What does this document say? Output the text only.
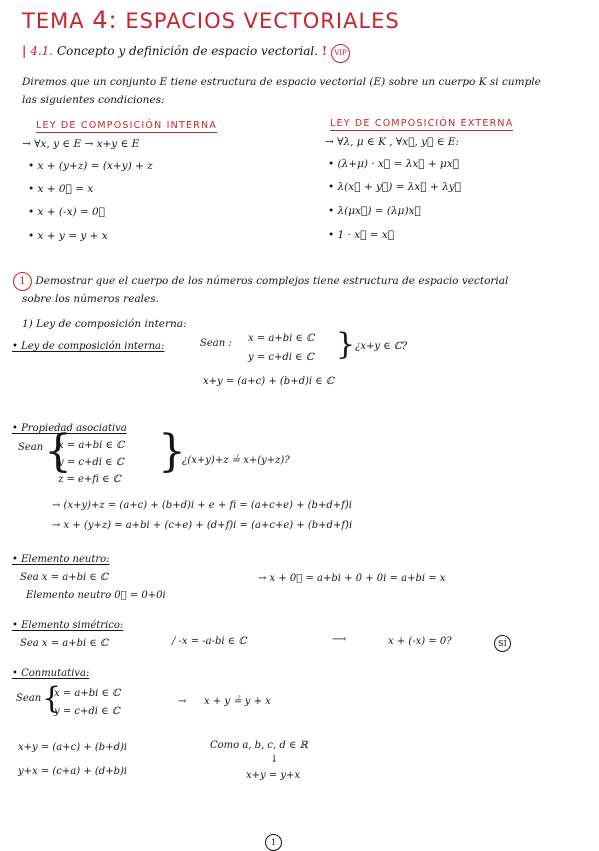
TEMA 4: ESPACIOS VECTORIALES
| 4.1. Concepto y definición de espacio vectorial. ! VIP
Diremos que un conjunto E tiene estructura de espacio vectorial (E) sobre un cuerpo K si cumple
las siguientes condiciones:
LEY DE COMPOSICIÓN INTERNA
→ ∀x, y ∈ E → x+y ∈ E
• x + (y+z) = (x+y) + z
• x + 0⃗ = x
• x + (-x) = 0⃗
• x + y = y + x
LEY DE COMPOSICIÓN EXTERNA
→ ∀λ, μ ∈ K , ∀x⃗, y⃗ ∈ E:
• (λ+μ) · x⃗ = λx⃗ + μx⃗
• λ(x⃗ + y⃗) = λx⃗ + λy⃗
• λ(μx⃗) = (λμ)x⃗
• 1 · x⃗ = x⃗
1 Demostrar que el cuerpo de los números complejos tiene estructura de espacio vectorial
sobre los números reales.
1) Ley de composición interna:
• Ley de composición interna:	Sean : x = a+bi ∈ ℂ
y = c+di ∈ ℂ } ¿x+y ∈ ℂ?
x+y = (a+c) + (b+d)i ∈ ℂ
• Propiedad asociativa
Sean {
x = a+bi ∈ ℂ
y = c+di ∈ ℂ
z = e+fi ∈ ℂ
}
¿(x+y)+z ≟ x+(y+z)?
→ (x+y)+z = (a+c) + (b+d)i + e + fi = (a+c+e) + (b+d+f)i
→ x + (y+z) = a+bi + (c+e) + (d+f)i = (a+c+e) + (b+d+f)i
• Elemento neutro:
Sea x = a+bi ∈ ℂ
Elemento neutro 0⃗ = 0+0i
→ x + 0⃗ = a+bi + 0 + 0i = a+bi = x
• Elemento simétrico:
Sea x = a+bi ∈ ℂ	/ -x = -a-bi ∈ ℂ	⟶	x + (-x) = 0?	SÍ
• Conmutativa:
Sean {
x = a+bi ∈ ℂ
y = c+di ∈ ℂ
→ x + y ≟ y + x
x+y = (a+c) + (b+d)i
y+x = (c+a) + (d+b)i
Como a, b, c, d ∈ ℝ
↓
x+y = y+x
1
